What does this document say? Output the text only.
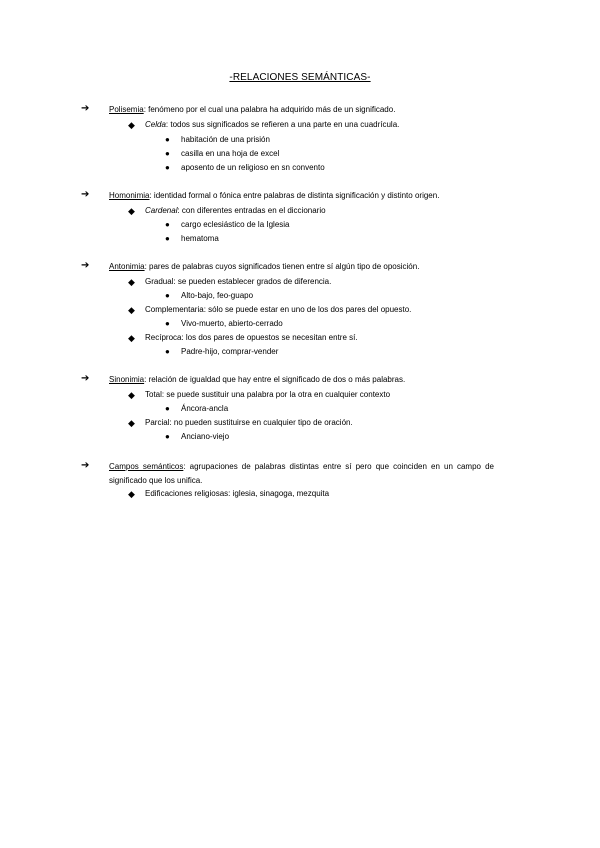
-RELACIONES SEMÁNTICAS-
➔ Polisemia: fenómeno por el cual una palabra ha adquirido más de un significado.
◆ Celda: todos sus significados se refieren a una parte en una cuadrícula.
● habitación de una prisión
● casilla en una hoja de excel
● aposento de un religioso en sn convento
➔ Homonimia: identidad formal o fónica entre palabras de distinta significación y distinto origen.
◆ Cardenal: con diferentes entradas en el diccionario
● cargo eclesiástico de la Iglesia
● hematoma
➔ Antonimia: pares de palabras cuyos significados tienen entre sí algún tipo de oposición.
◆ Gradual: se pueden establecer grados de diferencia.
● Alto-bajo, feo-guapo
◆ Complementaria: sólo se puede estar en uno de los dos pares del opuesto.
● Vivo-muerto, abierto-cerrado
◆ Recíproca: los dos pares de opuestos se necesitan entre sí.
● Padre-hijo, comprar-vender
➔ Sinonimia: relación de igualdad que hay entre el significado de dos o más palabras.
◆ Total: se puede sustituir una palabra por la otra en cualquier contexto
● Áncora-ancla
◆ Parcial: no pueden sustituirse en cualquier tipo de oración.
● Anciano-viejo
➔ Campos semánticos: agrupaciones de palabras distintas entre sí pero que coinciden en un campo de significado que los unifica.
◆ Edificaciones religiosas: iglesia, sinagoga, mezquita
